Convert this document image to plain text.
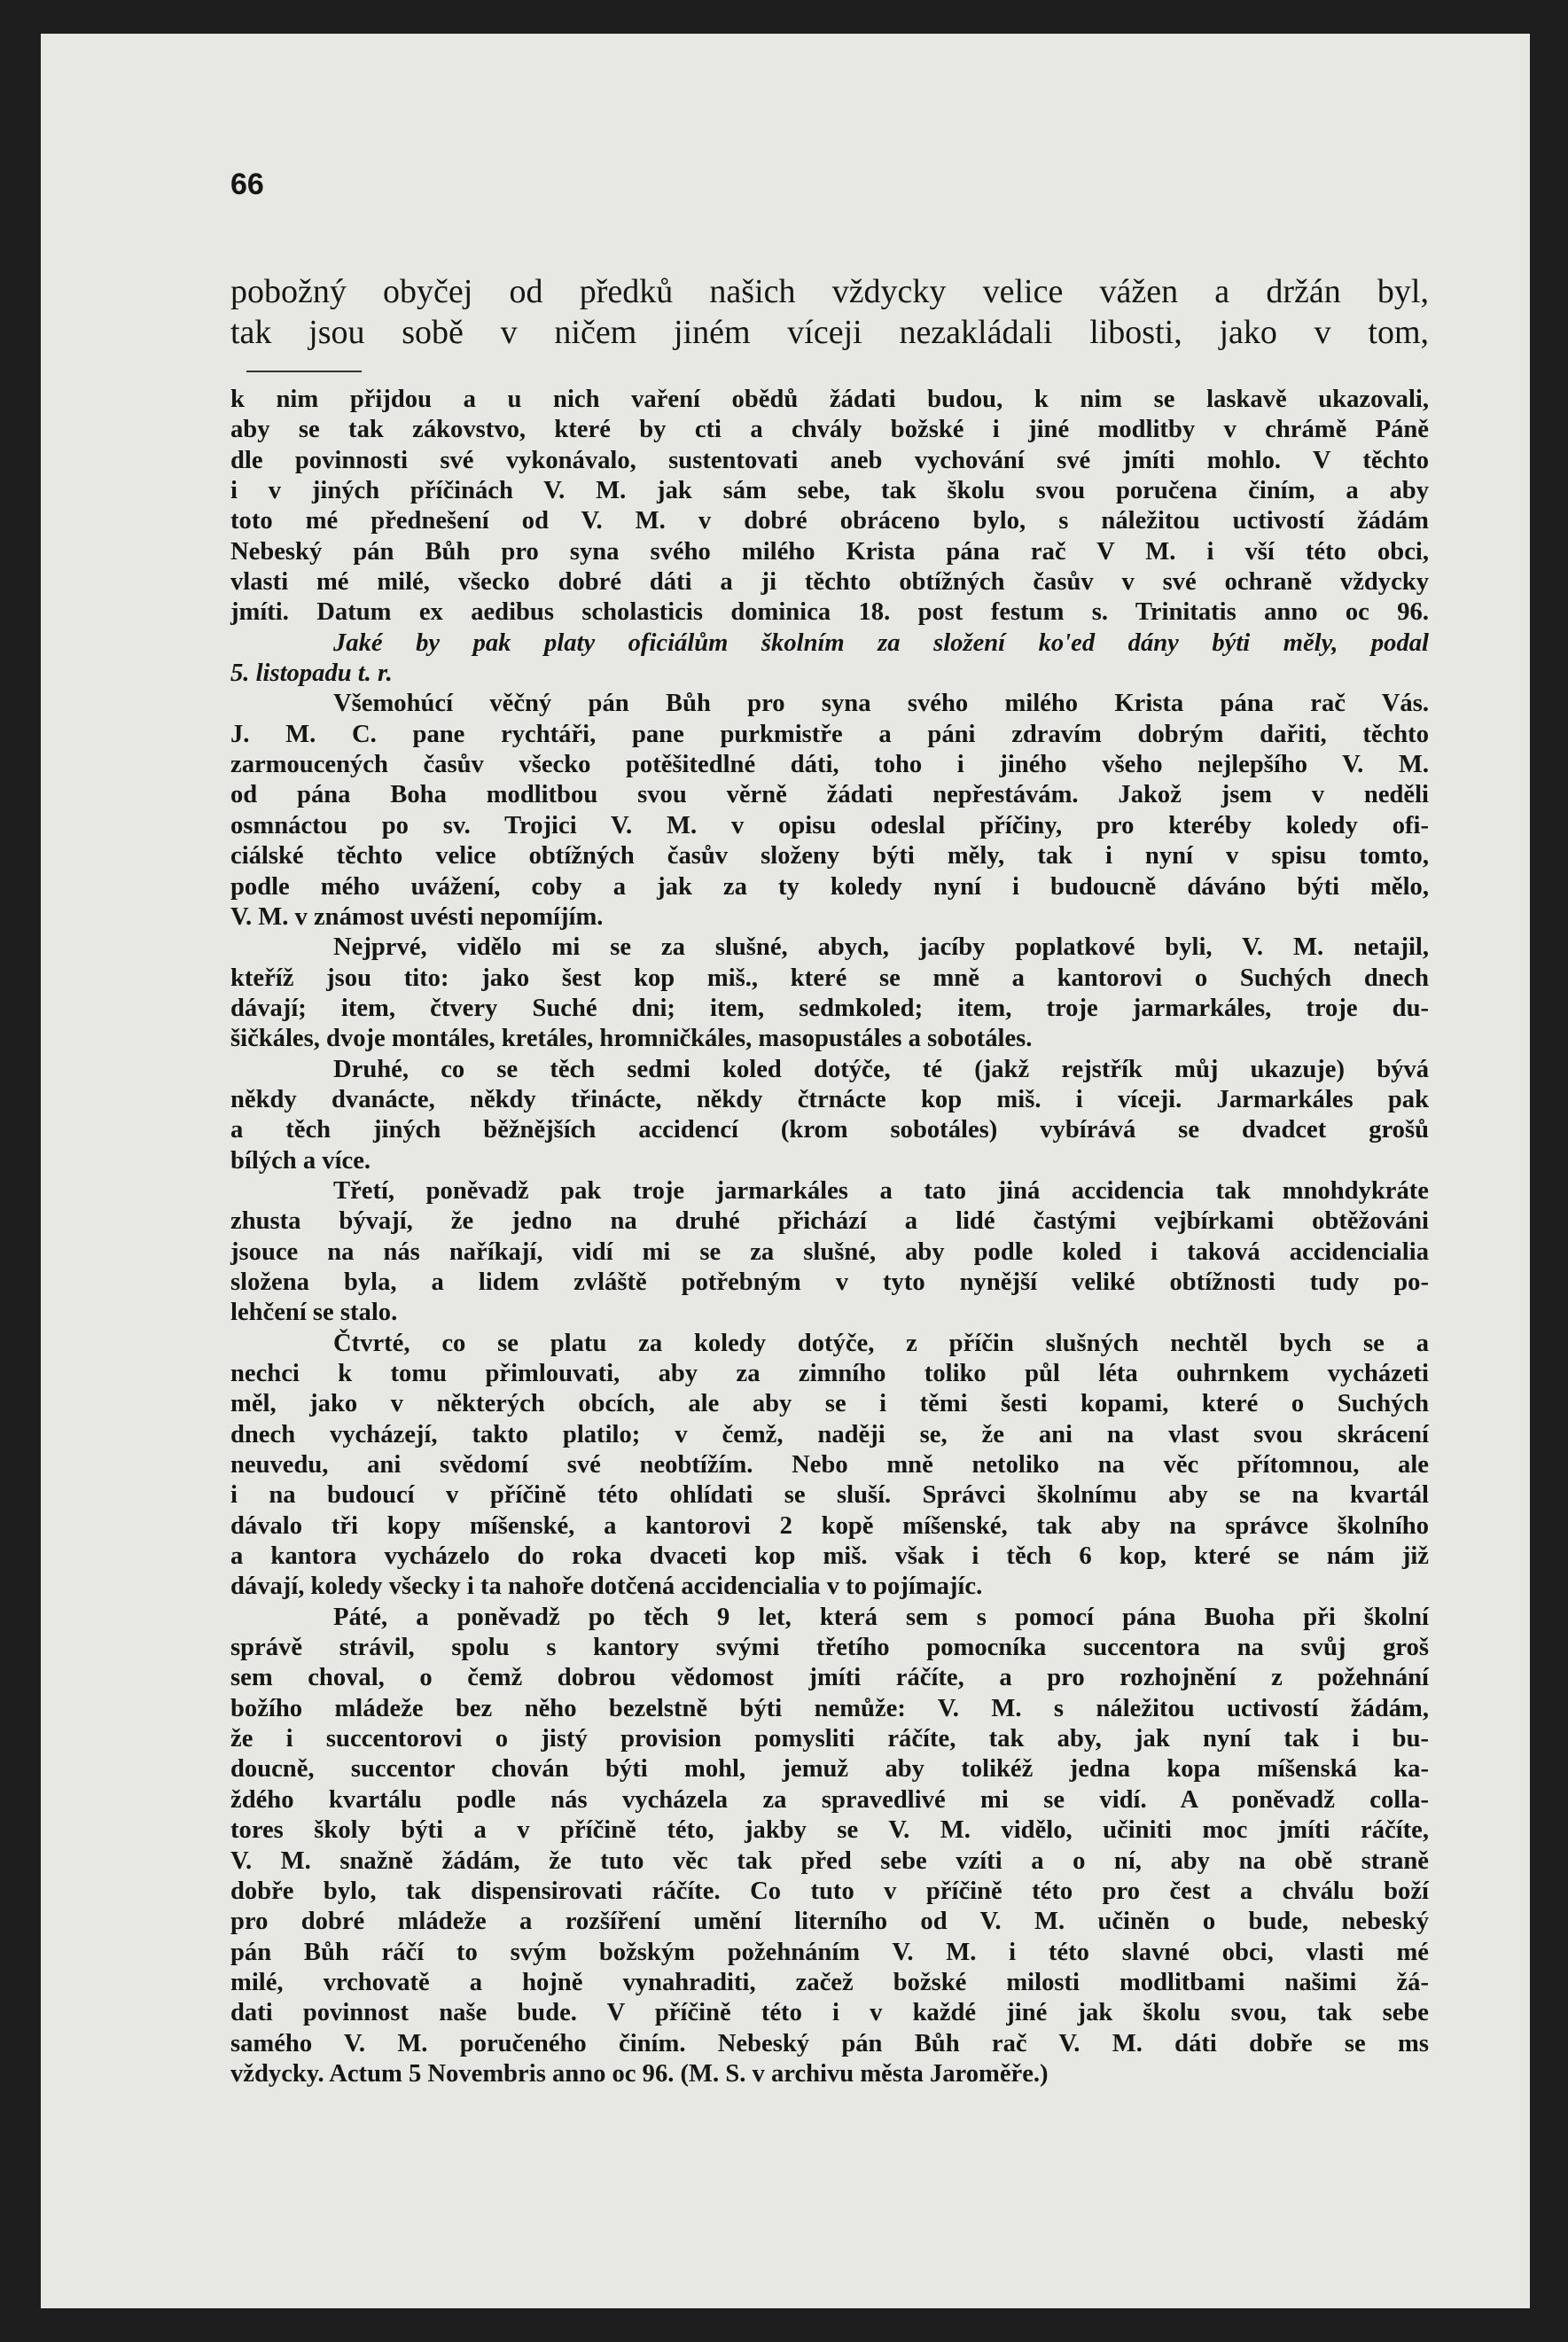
66

pobožný obyčej od předků našich vždycky velice vážen a držán byl,

tak jsou sobě v ničem jiném víceji nezakládali libosti, jako v tom,

k nim přijdou a u nich vaření obědů žádati budou, k nim se laskavě ukazovali,

aby se tak zákovstvo, které by cti a chvály božské i jiné modlitby v chrámě Páně

dle povinnosti své vykonávalo, sustentovati aneb vychování své jmíti mohlo. V těchto

i v jiných příčinách V. M. jak sám sebe, tak školu svou poručena činím, a aby

toto mé přednešení od V. M. v dobré obráceno bylo, s náležitou uctivostí žádám

Nebeský pán Bůh pro syna svého milého Krista pána rač V M. i vší této obci,

vlasti mé milé, všecko dobré dáti a ji těchto obtížných časův v své ochraně vždycky

jmíti. Datum ex aedibus scholasticis dominica 18. post festum s. Trinitatis anno oc 96.

Jaké by pak platy oficiálům školním za složení ko'ed dány býti měly, podal

5. listopadu t. r.

Všemohúcí věčný pán Bůh pro syna svého milého Krista pána rač Vás.

J. M. C. pane rychtáři, pane purkmistře a páni zdravím dobrým dařiti, těchto

zarmoucených časův všecko potěšitedlné dáti, toho i jiného všeho nejlepšího V. M.

od pána Boha modlitbou svou věrně žádati nepřestávám. Jakož jsem v neděli

osmnáctou po sv. Trojici V. M. v opisu odeslal příčiny, pro kteréby koledy ofi-

ciálské těchto velice obtížných časův složeny býti měly, tak i nyní v spisu tomto,

podle mého uvážení, coby a jak za ty koledy nyní i budoucně dáváno býti mělo,

V. M. v známost uvésti nepomíjím.

Nejprvé, vidělo mi se za slušné, abych, jacíby poplatkové byli, V. M. netajil,

kteříž jsou tito: jako šest kop miš., které se mně a kantorovi o Suchých dnech

dávají; item, čtvery Suché dni; item, sedmkoled; item, troje jarmarkáles, troje du-

šičkáles, dvoje montáles, kretáles, hromničkáles, masopustáles a sobotáles.

Druhé, co se těch sedmi koled dotýče, té (jakž rejstřík můj ukazuje) bývá

někdy dvanácte, někdy třinácte, někdy čtrnácte kop miš. i víceji. Jarmarkáles pak

a těch jiných běžnějších accidencí (krom sobotáles) vybírává se dvadcet grošů

bílých a více.

Třetí, poněvadž pak troje jarmarkáles a tato jiná accidencia tak mnohdykráte

zhusta bývají, že jedno na druhé přichází a lidé častými vejbírkami obtěžováni

jsouce na nás naříkají, vidí mi se za slušné, aby podle koled i taková accidencialia

složena byla, a lidem zvláště potřebným v tyto nynější veliké obtížnosti tudy po-

lehčení se stalo.

Čtvrté, co se platu za koledy dotýče, z příčin slušných nechtěl bych se a

nechci k tomu přimlouvati, aby za zimního toliko půl léta ouhrnkem vycházeti

měl, jako v některých obcích, ale aby se i těmi šesti kopami, které o Suchých

dnech vycházejí, takto platilo; v čemž, naději se, že ani na vlast svou skrácení

neuvedu, ani svědomí své neobtížím. Nebo mně netoliko na věc přítomnou, ale

i na budoucí v příčině této ohlídati se sluší. Správci školnímu aby se na kvartál

dávalo tři kopy míšenské, a kantorovi 2 kopě míšenské, tak aby na správce školního

a kantora vycházelo do roka dvaceti kop miš. však i těch 6 kop, které se nám již

dávají, koledy všecky i ta nahoře dotčená accidencialia v to pojímajíc.

Páté, a poněvadž po těch 9 let, která sem s pomocí pána Buoha při školní

správě strávil, spolu s kantory svými třetího pomocníka succentora na svůj groš

sem choval, o čemž dobrou vědomost jmíti ráčíte, a pro rozhojnění z požehnání

božího mládeže bez něho bezelstně býti nemůže: V. M. s náležitou uctivostí žádám,

že i succentorovi o jistý provision pomysliti ráčíte, tak aby, jak nyní tak i bu-

doucně, succentor chován býti mohl, jemuž aby tolikéž jedna kopa míšenská ka-

ždého kvartálu podle nás vycházela za spravedlivé mi se vidí. A poněvadž colla-

tores školy býti a v příčině této, jakby se V. M. vidělo, učiniti moc jmíti ráčíte,

V. M. snažně žádám, že tuto věc tak před sebe vzíti a o ní, aby na obě straně

dobře bylo, tak dispensirovati ráčíte. Co tuto v příčině této pro čest a chválu boží

pro dobré mládeže a rozšíření umění literního od V. M. učiněn o bude, nebeský

pán Bůh ráčí to svým božským požehnáním V. M. i této slavné obci, vlasti mé

milé, vrchovatě a hojně vynahraditi, začež božské milosti modlitbami našimi žá-

dati povinnost naše bude. V příčině této i v každé jiné jak školu svou, tak sebe

samého V. M. poručeného činím. Nebeský pán Bůh rač V. M. dáti dobře se ms

vždycky. Actum 5 Novembris anno oc 96. (M. S. v archivu města Jaroměře.)
